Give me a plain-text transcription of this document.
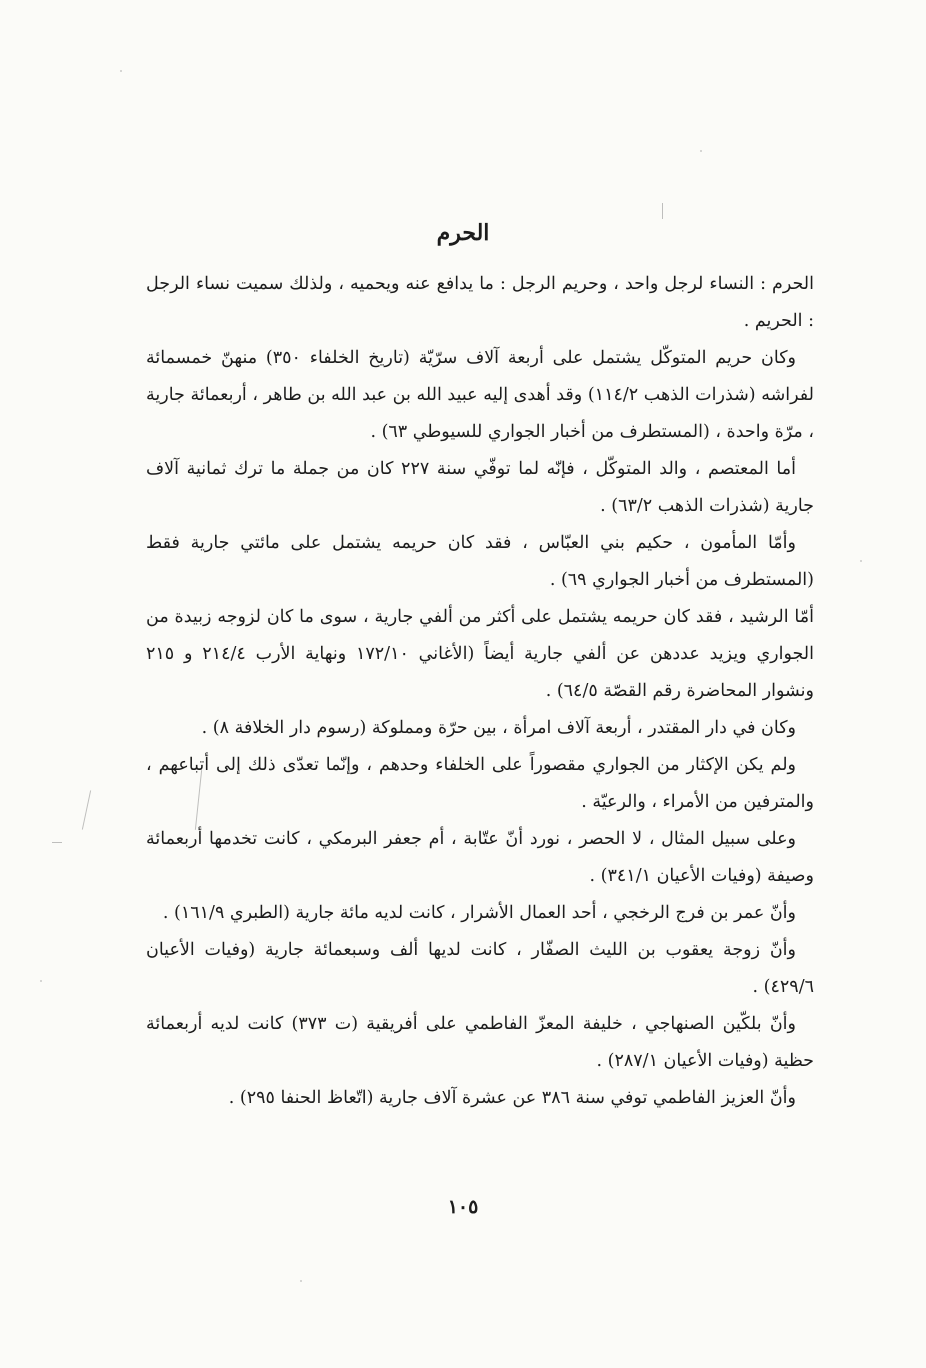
الحرم

الحرم : النساء لرجل واحد ، وحريم الرجل : ما يدافع عنه ويحميه ، ولذلك سميت نساء الرجل : الحريم .

وكان حريم المتوكّل يشتمل على أربعة آلاف سرّيّة (تاريخ الخلفاء ٣٥٠) منهنّ خمسمائة لفراشه (شذرات الذهب ١١٤/٢) وقد أهدى إليه عبيد الله بن عبد الله بن طاهر ، أربعمائة جارية ، مرّة واحدة ، (المستطرف من أخبار الجواري للسيوطي ٦٣) .

أما المعتصم ، والد المتوكّل ، فإنّه لما توفّي سنة ٢٢٧ كان من جملة ما ترك ثمانية آلاف جارية (شذرات الذهب ٦٣/٢) .

وأمّا المأمون ، حكيم بني العبّاس ، فقد كان حريمه يشتمل على مائتي جارية فقط (المستطرف من أخبار الجواري ٦٩) .

أمّا الرشيد ، فقد كان حريمه يشتمل على أكثر من ألفي جارية ، سوى ما كان لزوجه زبيدة من الجواري ويزيد عددهن عن ألفي جارية أيضاً (الأغاني ١٧٢/١٠ ونهاية الأرب ٢١٤/٤ و ٢١٥ ونشوار المحاضرة رقم القصّة ٦٤/٥) .

وكان في دار المقتدر ، أربعة آلاف امرأة ، بين حرّة ومملوكة (رسوم دار الخلافة ٨) .

ولم يكن الإكثار من الجواري مقصوراً على الخلفاء وحدهم ، وإنّما تعدّى ذلك إلى أتباعهم ، والمترفين من الأمراء ، والرعيّة .

وعلى سبيل المثال ، لا الحصر ، نورد أنّ عتّابة ، أم جعفر البرمكي ، كانت تخدمها أربعمائة وصيفة (وفيات الأعيان ٣٤١/١) .

وأنّ عمر بن فرج الرخجي ، أحد العمال الأشرار ، كانت لديه مائة جارية (الطبري ١٦١/٩) .

وأنّ زوجة يعقوب بن الليث الصفّار ، كانت لديها ألف وسبعمائة جارية (وفيات الأعيان ٤٢٩/٦) .

وأنّ بلكّين الصنهاجي ، خليفة المعزّ الفاطمي على أفريقية (ت ٣٧٣) كانت لديه أربعمائة حظية (وفيات الأعيان ٢٨٧/١) .

وأنّ العزيز الفاطمي توفي سنة ٣٨٦ عن عشرة آلاف جارية (اتّعاظ الحنفا ٢٩٥) .

١٠٥
